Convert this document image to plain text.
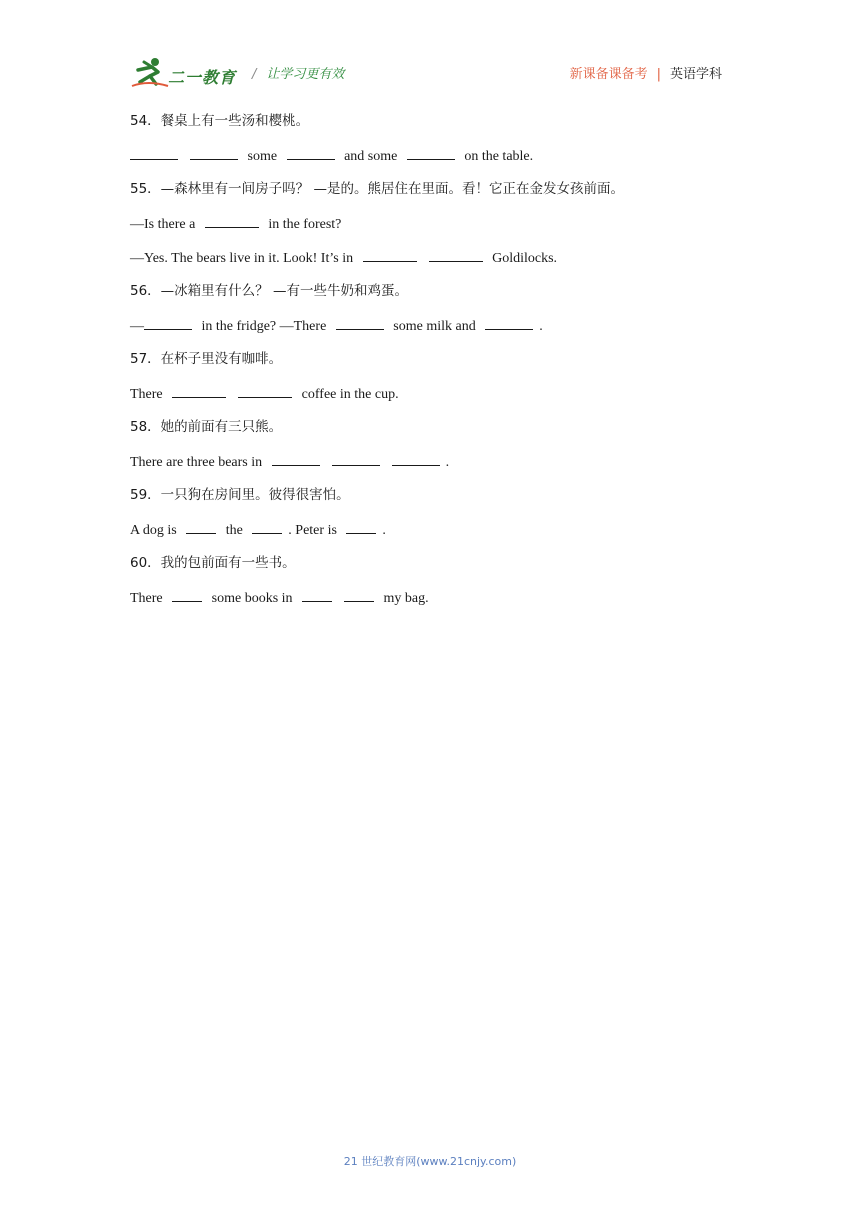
二一教育 / 让学习更有效	新课备课备考 | 英语学科
54．餐桌上有一些汤和樱桃。
some	and some	on the table.
55．—森林里有一间房子吗？ —是的。熊居住在里面。看！它正在金发女孩前面。
—Is there a	in the forest?
—Yes. The bears live in it. Look! It’s in	Goldilocks.
56．—冰箱里有什么？ —有一些牛奶和鸡蛋。
—	in the fridge? —There	some milk and	.
57．在杯子里没有咖啡。
There	coffee in the cup.
58．她的前面有三只熊。
There are three bears in	.
59．一只狗在房间里。彼得很害怕。
A dog is	the	. Peter is	.
60．我的包前面有一些书。
There	some books in	my bag.
21 世纪教育网(www.21cnjy.com)
